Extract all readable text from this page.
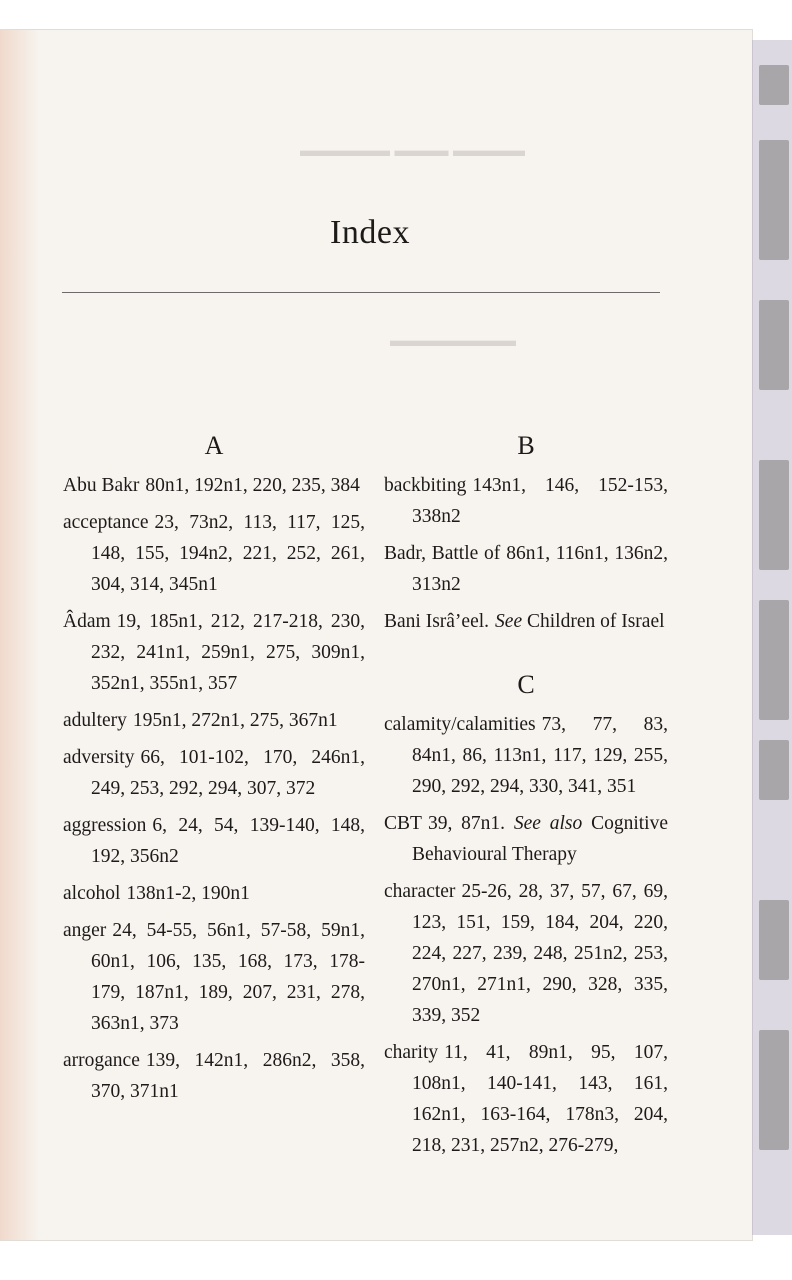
▬▬▬▬▬ ▬▬▬ ▬▬▬▬
▬▬▬▬▬▬▬
Index
A
Abu Bakr 80n1, 192n1, 220, 235, 384
acceptance 23, 73n2, 113, 117, 125, 148, 155, 194n2, 221, 252, 261, 304, 314, 345n1
Âdam 19, 185n1, 212, 217-218, 230, 232, 241n1, 259n1, 275, 309n1, 352n1, 355n1, 357
adultery 195n1, 272n1, 275, 367n1
adversity 66, 101-102, 170, 246n1, 249, 253, 292, 294, 307, 372
aggression 6, 24, 54, 139-140, 148, 192, 356n2
alcohol 138n1-2, 190n1
anger 24, 54-55, 56n1, 57-58, 59n1, 60n1, 106, 135, 168, 173, 178-179, 187n1, 189, 207, 231, 278, 363n1, 373
arrogance 139, 142n1, 286n2, 358, 370, 371n1
B
backbiting 143n1, 146, 152-153, 338n2
Badr, Battle of 86n1, 116n1, 136n2, 313n2
Bani Isrâ’eel. See Children of Israel
C
calamity/calamities 73, 77, 83, 84n1, 86, 113n1, 117, 129, 255, 290, 292, 294, 330, 341, 351
CBT 39, 87n1. See also Cognitive Behavioural Therapy
character 25-26, 28, 37, 57, 67, 69, 123, 151, 159, 184, 204, 220, 224, 227, 239, 248, 251n2, 253, 270n1, 271n1, 290, 328, 335, 339, 352
charity 11, 41, 89n1, 95, 107, 108n1, 140-141, 143, 161, 162n1, 163-164, 178n3, 204, 218, 231, 257n2, 276-279,
